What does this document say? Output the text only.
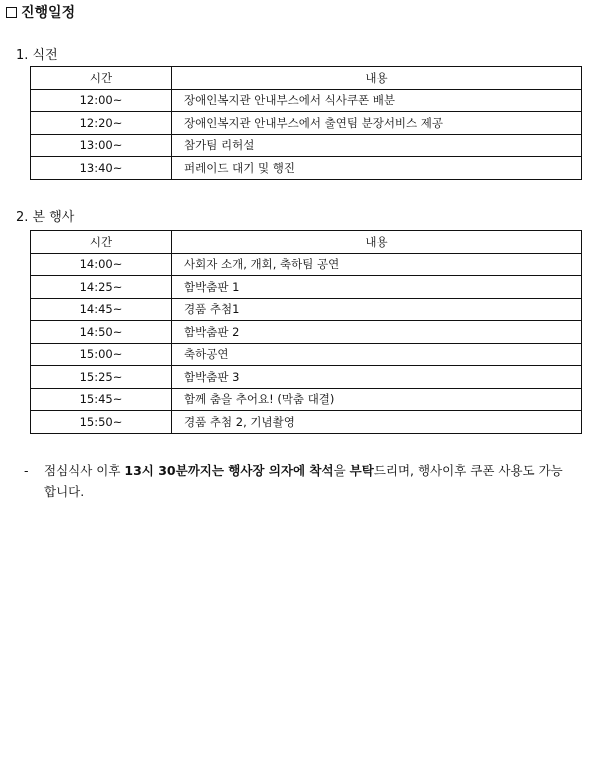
진행일정
1. 식전
시간	내용
12:00~	장애인복지관 안내부스에서 식사쿠폰 배분
12:20~	장애인복지관 안내부스에서 출연팀 분장서비스 제공
13:00~	참가팀 리허설
13:40~	퍼레이드 대기 및 행진
2. 본 행사
시간	내용
14:00~	사회자 소개, 개회, 축하팀 공연
14:25~	함박춤판 1
14:45~	경품 추첨1
14:50~	함박춤판 2
15:00~	축하공연
15:25~	함박춤판 3
15:45~	함께 춤을 추어요! (막춤 대결)
15:50~	경품 추첨 2, 기념촬영
-	점심식사 이후 13시 30분까지는 행사장 의자에 착석을 부탁드리며, 행사이후 쿠폰 사용도 가능합니다.
